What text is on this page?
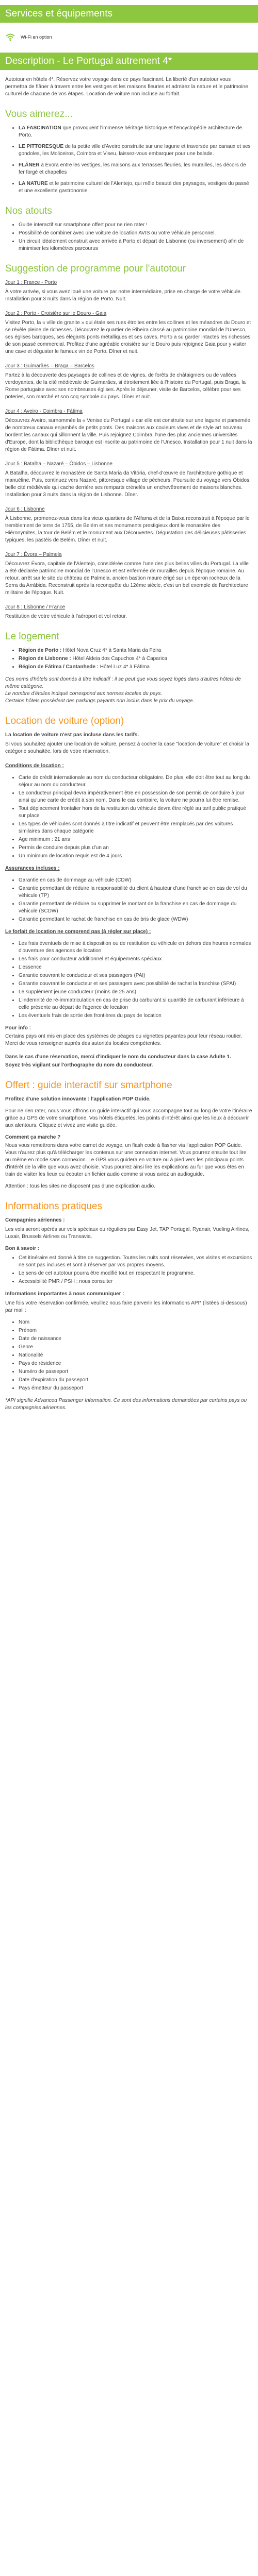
Services et équipements
Wi-Fi en option
Description - Le Portugal autrement 4*

Autotour en hôtels 4*. Réservez votre voyage dans ce pays fascinant. La liberté d'un autotour vous permettra de flâner à travers entre les vestiges et les maisons fleuries et admirez la nature et le patrimoine culturel de chacune de vos étapes. Location de voiture non incluse au forfait.

Vous aimerez...
• LA FASCINATION que provoquent l'immense héritage historique et l'encyclopédie architecture de Porto.
• LE PITTORESQUE de la petite ville d'Aveiro construite sur une lagune et traversée par canaux et ses gondoles, les Moliceiros, Coimbra et Viseu, laissez-vous embarquer pour une balade.
• FLÂNER à Évora entre les vestiges, les maisons aux terrasses fleuries, les murailles, les décors de fer forgé et chapelles
• LA NATURE et le patrimoine culturel de l'Alentejo, qui mêle beauté des paysages, vestiges du passé et une excellente gastronomie
Nos atouts
• Guide interactif sur smartphone offert pour ne rien rater !
• Possibilité de combiner avec une voiture de location AVIS ou votre véhicule personnel.
• Un circuit idéalement construit avec arrivée à Porto et départ de Lisbonne (ou inversement) afin de minimiser les kilomètres parcourus
Suggestion de programme pour l'autotour

Jour 1 : France - Porto

À votre arrivée, si vous avez loué une voiture par notre intermédiaire, prise en charge de votre véhicule. Installation pour 3 nuits dans la région de Porto. Nuit.

Jour 2 : Porto - Croisière sur le Douro - Gaia

Visitez Porto, la « ville de granite » qui étale ses rues étroites entre les collines et les méandres du Douro et se révèle pleine de richesses. Découvrez le quartier de Ribeira classé au patrimoine mondial de l'Unesco, ses églises baroques, ses élégants ponts métalliques et ses caves. Porto a su garder intactes les richesses de son passé commercial. Profitez d'une agréable croisière sur le Douro puis rejoignez Gaia pour y visiter une cave et déguster le fameux vin de Porto. Dîner et nuit.

Jour 3 : Guimarães – Braga – Barcelos

Partez à la découverte des paysages de collines et de vignes, de forêts de châtaigniers ou de vallées verdoyantes, de la cité médiévale de Guimarães, si étroitement liée à l'histoire du Portugal, puis Braga, la Rome portugaise avec ses nombreuses églises. Après le déjeuner, visite de Barcelos, célèbre pour ses poteries, son marché et son coq symbole du pays. Dîner et nuit.

Jour 4 : Aveiro - Coimbra - Fátima

Découvrez Aveiro, surnommée la « Venise du Portugal » car elle est construite sur une lagune et parsemée de nombreux canaux enjambés de petits ponts. Des maisons aux couleurs vives et de style art nouveau bordent les canaux qui sillonnent la ville. Puis rejoignez Coimbra, l'une des plus anciennes universités d'Europe, dont la bibliothèque baroque est inscrite au patrimoine de l'Unesco. Installation pour 1 nuit dans la région de Fátima. Dîner et nuit.

Jour 5 : Batalha – Nazaré – Óbidos – Lisbonne

À Batalha, découvrez le monastère de Santa Maria da Vitória, chef-d'œuvre de l'architecture gothique et manuéline. Puis, continuez vers Nazaré, pittoresque village de pêcheurs. Poursuite du voyage vers Óbidos, belle cité médiévale qui cache derrière ses remparts crénelés un enchevêtrement de maisons blanches. Installation pour 3 nuits dans la région de Lisbonne. Dîner.

Jour 6 : Lisbonne

À Lisbonne, promenez-vous dans les vieux quartiers de l'Alfama et de la Baixa reconstruit à l'époque par le tremblement de terre de 1755, de Belém et ses monuments prestigieux dont le monastère des Hiéronymites, la tour de Belém et le monument aux Découvertes. Dégustation des délicieuses pâtisseries typiques, les pastéis de Belém. Dîner et nuit.

Jour 7 : Évora – Palmela

Découvrez Évora, capitale de l'Alentejo, considérée comme l'une des plus belles villes du Portugal. La ville a été déclarée patrimoine mondial de l'Unesco et est enfermée de murailles depuis l'époque romaine. Au retour, arrêt sur le site du château de Palmela, ancien bastion maure érigé sur un éperon rocheux de la Serra da Arrábida. Reconstruit après la reconquête du 12ème siècle, c'est un bel exemple de l'architecture militaire de l'époque. Nuit.

Jour 8 : Lisbonne / France

Restitution de votre véhicule à l'aéroport et vol retour.

Le logement
• Région de Porto : Hôtel Nova Cruz 4* à Santa Maria da Feira
• Région de Lisbonne : Hôtel Aldeia dos Capuchos 4* à Caparica
• Région de Fátima / Cantanhede : Hôtel Luz 4* à Fátima

Ces noms d'hôtels sont donnés à titre indicatif : il se peut que vous soyez logés dans d'autres hôtels de même catégorie.

Le nombre d'étoiles indiqué correspond aux normes locales du pays.

Certains hôtels possèdent des parkings payants non inclus dans le prix du voyage.

Location de voiture (option)

La location de voiture n'est pas incluse dans les tarifs.

Si vous souhaitez ajouter une location de voiture, pensez à cocher la case "location de voiture" et choisir la catégorie souhaitée, lors de votre réservation.

Conditions de location :

• Carte de crédit internationale au nom du conducteur obligatoire. De plus, elle doit être tout au long du séjour au nom du conducteur.
• Le conducteur principal devra impérativement être en possession de son permis de conduire à jour ainsi qu'une carte de crédit à son nom. Dans le cas contraire, la voiture ne pourra lui être remise.
• Tout déplacement frontalier hors de la restitution du véhicule devra être réglé au tarif public pratiqué sur place
• Les types de véhicules sont donnés à titre indicatif et peuvent être remplacés par des voitures similaires dans chaque catégorie
• Age minimum : 21 ans
• Permis de conduire depuis plus d'un an
• Un minimum de location requis est de 4 jours

Assurances incluses :

• Garantie en cas de dommage au véhicule (CDW)
• Garantie permettant de réduire la responsabilité du client à hauteur d'une franchise en cas de vol du véhicule (TP)
• Garantie permettant de réduire ou supprimer le montant de la franchise en cas de dommage du véhicule (SCDW)
• Garantie permettant le rachat de franchise en cas de bris de glace (WDW)

Le forfait de location ne comprend pas (à régler sur place) :

• Les frais éventuels de mise à disposition ou de restitution du véhicule en dehors des heures normales d'ouverture des agences de location
• Les frais pour conducteur additionnel et équipements spéciaux
• L'essence
• Garantie couvrant le conducteur et ses passagers (PAI)
• Garantie couvrant le conducteur et ses passagers avec possibilité de rachat la franchise (SPAI)
• Le supplément jeune conducteur (moins de 25 ans)
• L'indemnité de ré-immatriculation en cas de prise du carburant si quantité de carburant inférieure à celle présente au départ de l'agence de location
• Les éventuels frais de sortie des frontières du pays de location

Pour info :

Certains pays ont mis en place des systèmes de péages ou vignettes payantes pour leur réseau routier. Merci de vous renseigner auprès des autorités locales compétentes.

Dans le cas d'une réservation, merci d'indiquer le nom du conducteur dans la case Adulte 1.

Soyez très vigilant sur l'orthographe du nom du conducteur.

Offert : guide interactif sur smartphone

Profitez d'une solution innovante : l'application POP Guide.

Pour ne rien rater, nous vous offrons un guide interactif qui vous accompagne tout au long de votre itinéraire grâce au GPS de votre smartphone. Vos hôtels étiquetés, les points d'intérêt ainsi que les lieux à découvrir aux alentours. Cliquez et vivez une visite guidée.

Comment ça marche ?

Nous vous remettrons dans votre carnet de voyage, un flash code à flasher via l'application POP Guide. Vous n'aurez plus qu'à télécharger les contenus sur une connexion internet. Vous pourrez ensuite tout lire ou même en mode sans connexion. Le GPS vous guidera en voiture ou à pied vers les principaux points d'intérêt de la ville que vous avez choisie. Vous pourrez ainsi lire les explications au fur que vous êtes en train de visiter les lieux ou écouter un fichier audio comme si vous aviez un audioguide.

Attention : tous les sites ne disposent pas d'une explication audio.

Informations pratiques

Compagnies aériennes :

Les vols seront opérés sur vols spéciaux ou réguliers par Easy Jet, TAP Portugal, Ryanair, Vueling Airlines, Luxair, Brussels Airlines ou Transavia.

Bon à savoir :

• Cet itinéraire est donné à titre de suggestion. Toutes les nuits sont réservées, vos visites et excursions ne sont pas incluses et sont à réserver par vos propres moyens.
• Le sens de cet autotour pourra être modifié tout en respectant le programme.
• Accessibilité PMR / PSH : nous consulter

Informations importantes à nous communiquer :

Une fois votre réservation confirmée, veuillez nous faire parvenir les informations API* (listées ci-dessous) par mail :

• Nom
• Prénom
• Date de naissance
• Genre
• Nationalité
• Pays de résidence
• Numéro de passeport
• Date d'expiration du passeport
• Pays émetteur du passeport

*API signifie Advanced Passenger Information. Ce sont des informations demandées par certains pays ou les compagnies aériennes.
